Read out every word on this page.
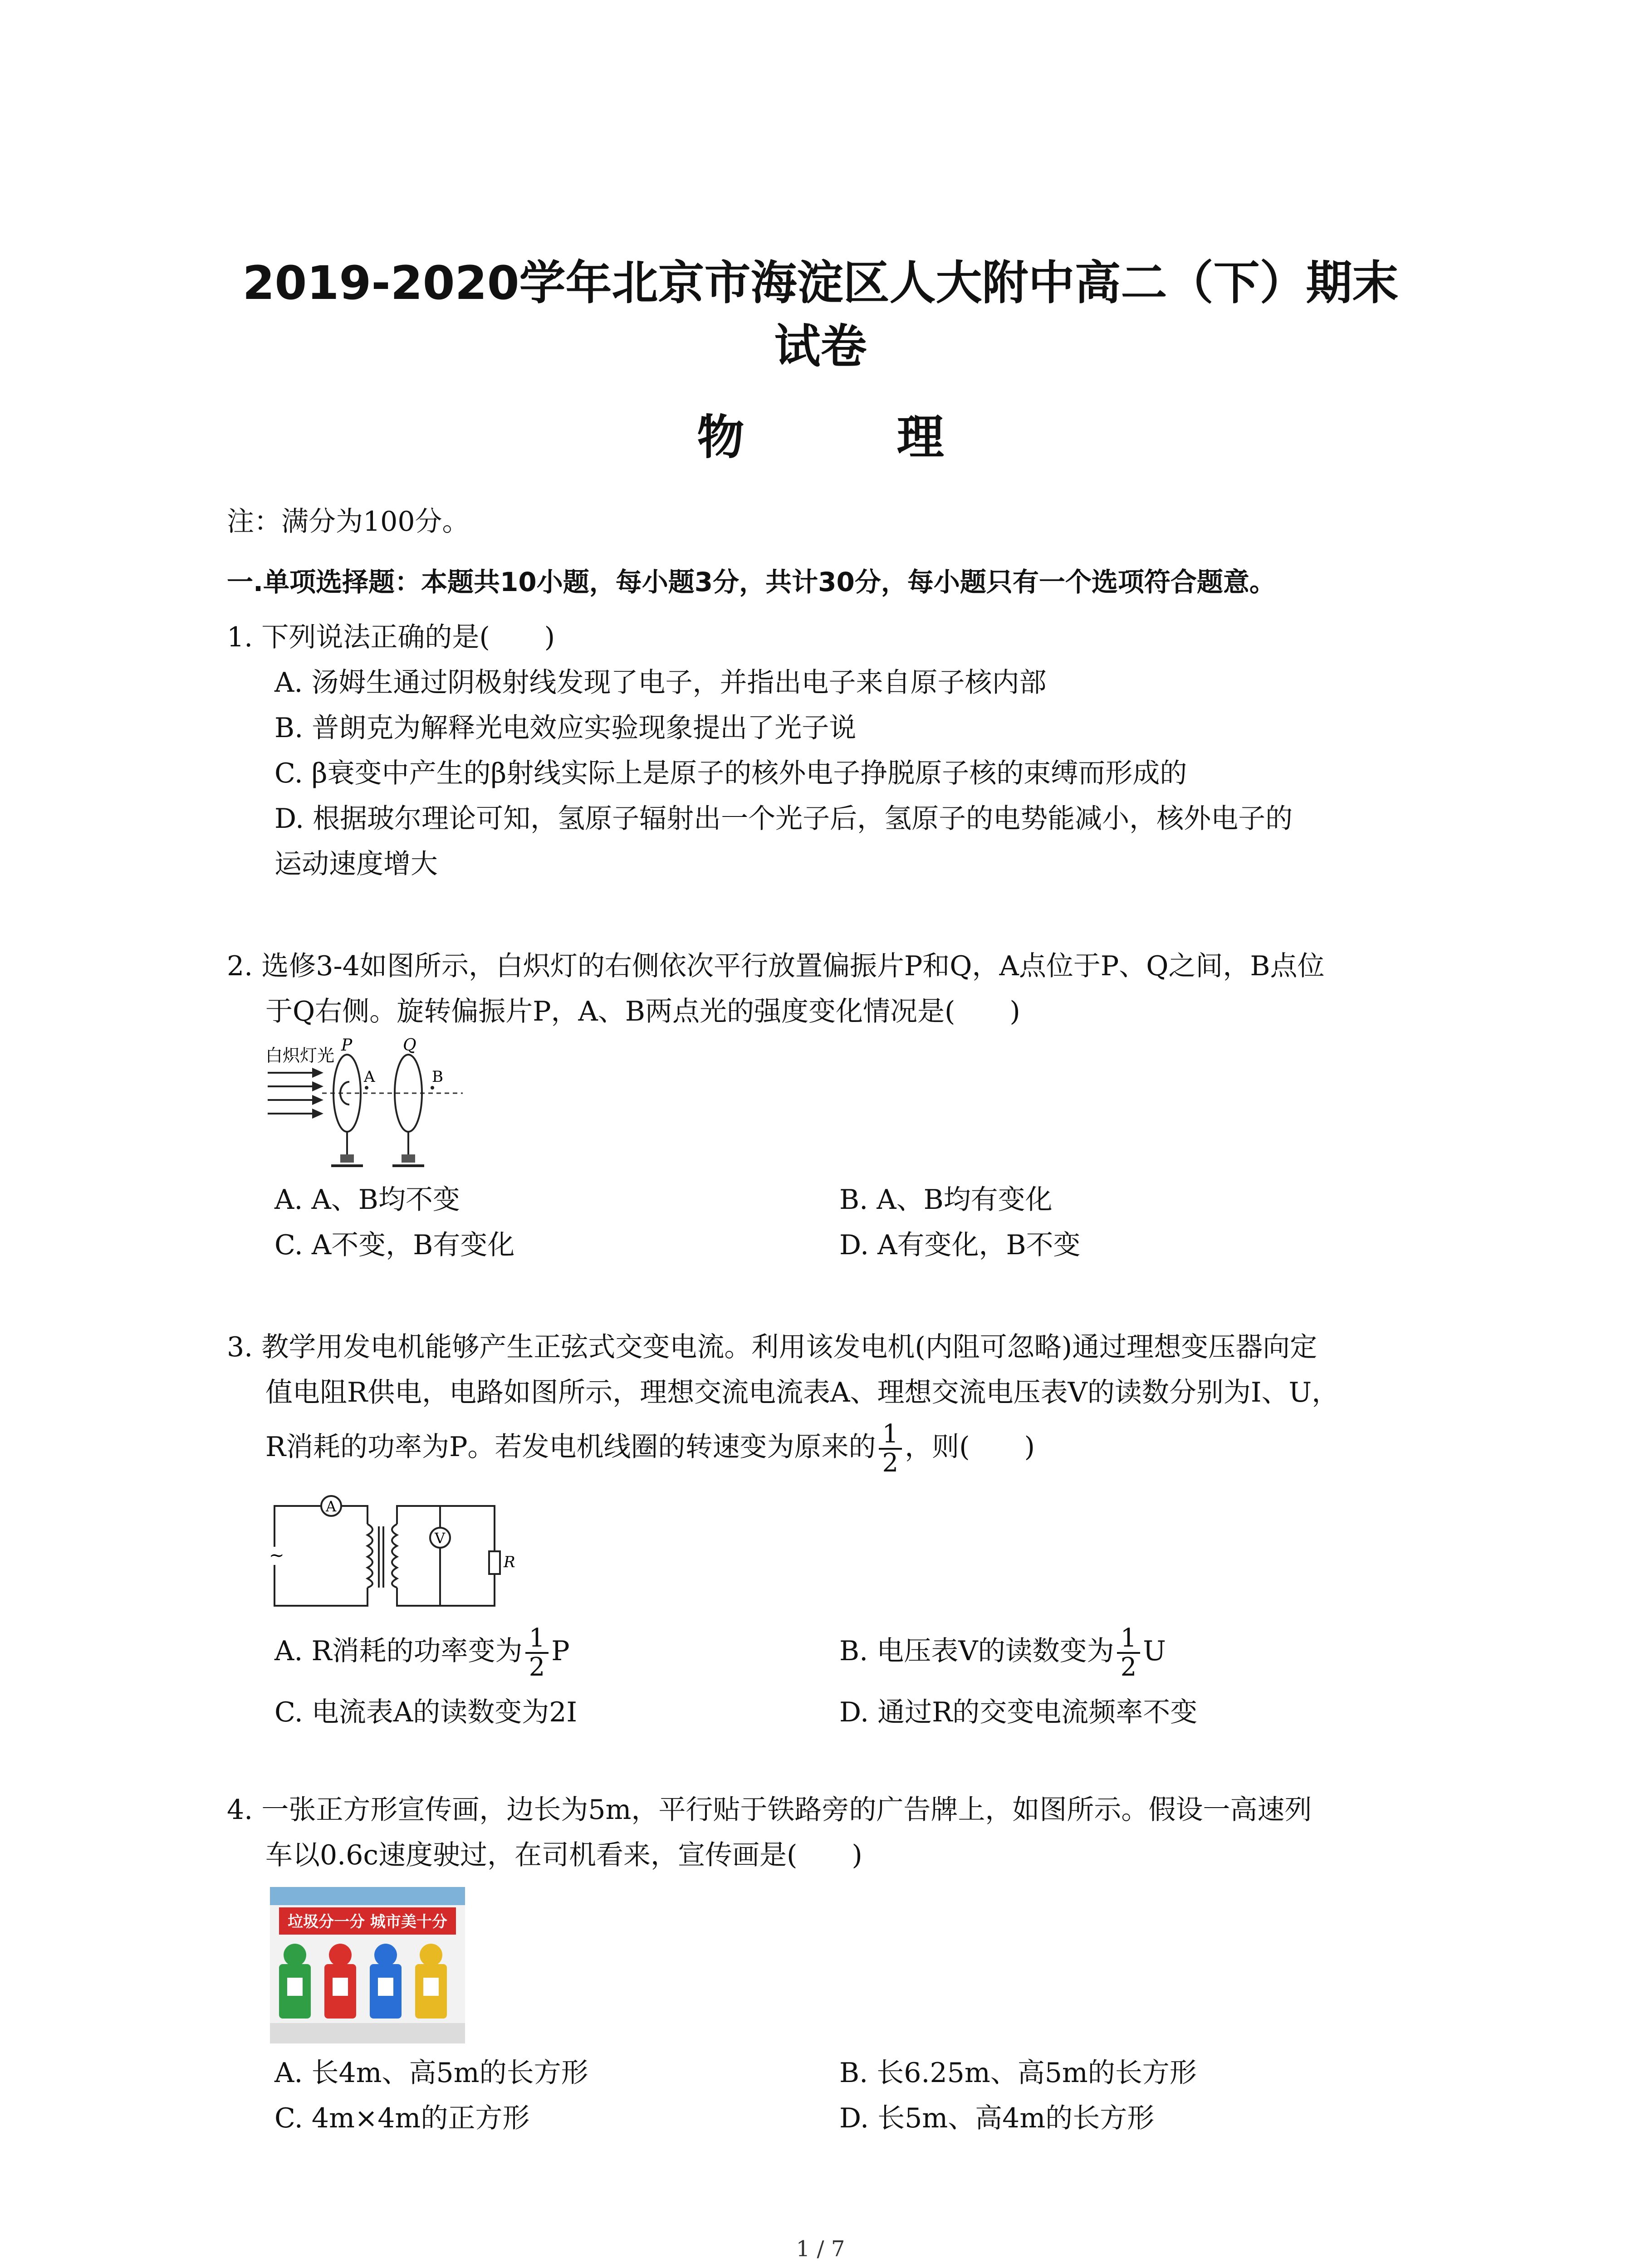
2019-2020学年北京市海淀区人大附中高二（下）期末
试卷
物 理
注：满分为100分。
一.单项选择题：本题共10小题，每小题3分，共计30分，每小题只有一个选项符合题意。
1. 下列说法正确的是(　　)
A. 汤姆生通过阴极射线发现了电子，并指出电子来自原子核内部
B. 普朗克为解释光电效应实验现象提出了光子说
C. β衰变中产生的β射线实际上是原子的核外电子挣脱原子核的束缚而形成的
D. 根据玻尔理论可知，氢原子辐射出一个光子后，氢原子的电势能减小，核外电子的
运动速度增大
2. 选修3-4如图所示，白炽灯的右侧依次平行放置偏振片P和Q，A点位于P、Q之间，B点位
于Q右侧。旋转偏振片P，A、B两点光的强度变化情况是(　　)
白炽灯光
P	Q
A	B
A. A、B均不变	B. A、B均有变化
C. A不变，B有变化	D. A有变化，B不变
3. 教学用发电机能够产生正弦式交变电流。利用该发电机(内阻可忽略)通过理想变压器向定
值电阻R供电，电路如图所示，理想交流电流表A、理想交流电压表V的读数分别为I、U，
R消耗的功率为P。若发电机线圈的转速变为原来的 $\frac{1}{2}$ ，则(　　)
A
V
R
~
A. R消耗的功率变为 $\frac{1}{2}$ P	B. 电压表V的读数变为 $\frac{1}{2}$ U
C. 电流表A的读数变为2I	D. 通过R的交变电流频率不变
4. 一张正方形宣传画，边长为5m，平行贴于铁路旁的广告牌上，如图所示。假设一高速列
车以0.6c速度驶过，在司机看来，宣传画是(　　)
垃圾分一分 城市美十分
A. 长4m、高5m的长方形	B. 长6.25m、高5m的长方形
C. 4m×4m的正方形	D. 长5m、高4m的长方形
1 / 7
